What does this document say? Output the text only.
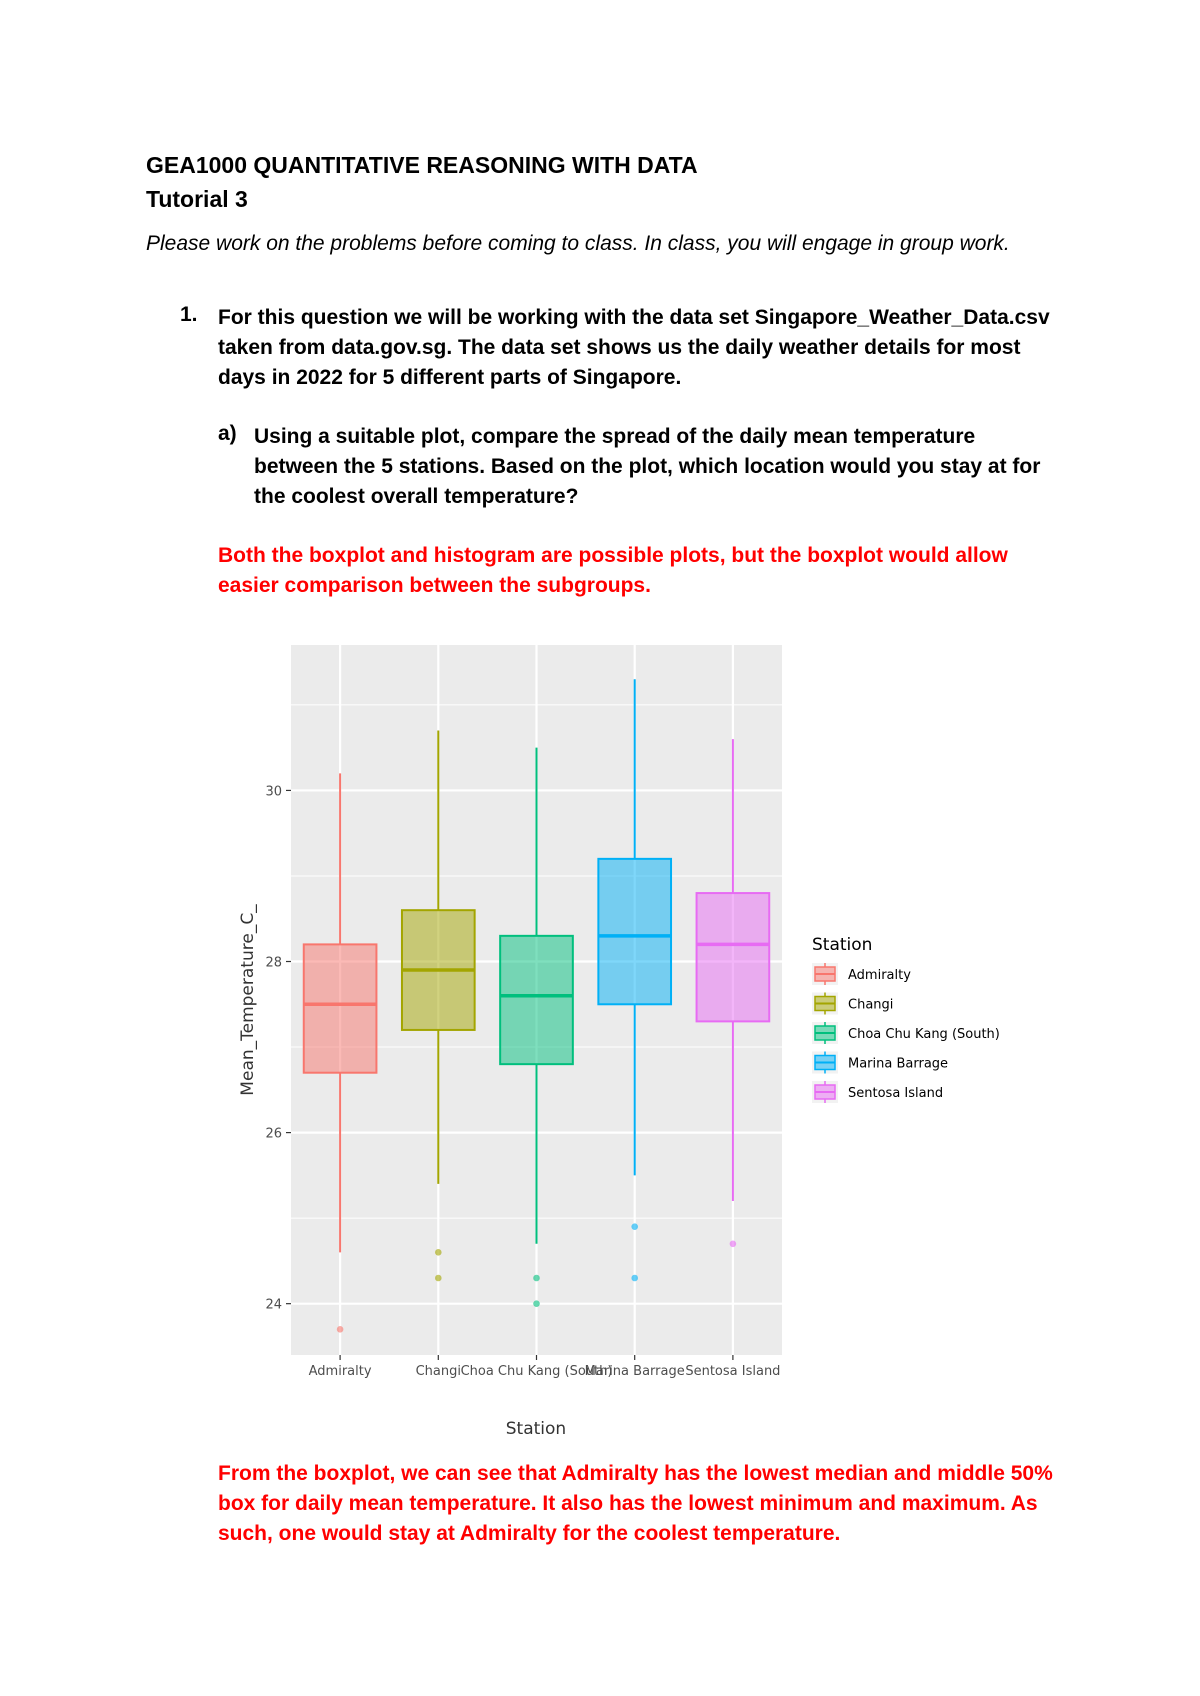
GEA1000 QUANTITATIVE REASONING WITH DATA
Tutorial 3
Please work on the problems before coming to class. In class, you will engage in group work.
1. For this question we will be working with the data set Singapore_Weather_Data.csv taken from data.gov.sg. The data set shows us the daily weather details for most days in 2022 for 5 different parts of Singapore.
a) Using a suitable plot, compare the spread of the daily mean temperature between the 5 stations. Based on the plot, which location would you stay at for the coolest overall temperature?
Both the boxplot and histogram are possible plots, but the boxplot would allow easier comparison between the subgroups.
24
26
28
30
Admiralty	Changi Choa Chu Kang (South)
Marina Barrage Sentosa Island
Station
Mean_Temperature_C_	Station
Admiralty
Changi
Choa Chu Kang (South)
Marina Barrage
Sentosa Island
From the boxplot, we can see that Admiralty has the lowest median and middle 50% box for daily mean temperature. It also has the lowest minimum and maximum. As such, one would stay at Admiralty for the coolest temperature.
